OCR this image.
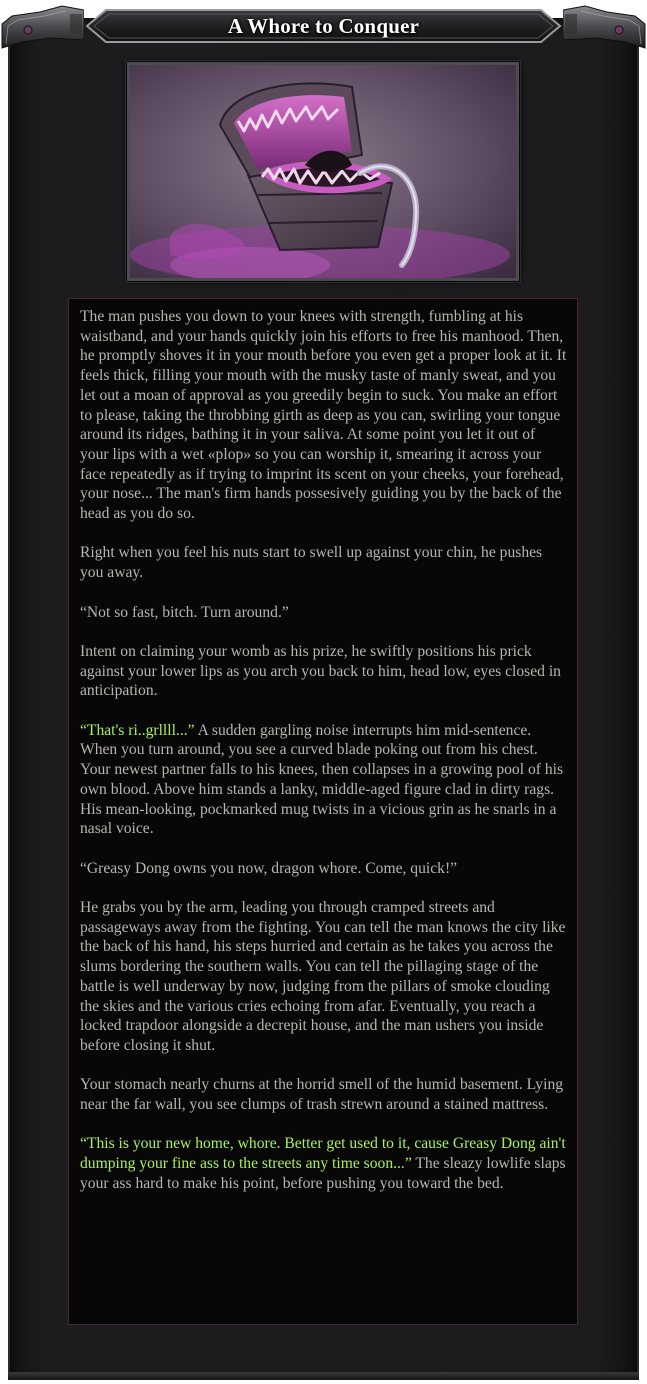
A Whore to Conquer

The man pushes you down to your knees with strength, fumbling at his waistband, and your hands quickly join his efforts to free his manhood. Then, he promptly shoves it in your mouth before you even get a proper look at it. It feels thick, filling your mouth with the musky taste of manly sweat, and you let out a moan of approval as you greedily begin to suck. You make an effort to please, taking the throbbing girth as deep as you can, swirling your tongue around its ridges, bathing it in your saliva. At some point you let it out of your lips with a wet «plop» so you can worship it, smearing it across your face repeatedly as if trying to imprint its scent on your cheeks, your forehead, your nose... The man's firm hands possesively guiding you by the back of the head as you do so.

Right when you feel his nuts start to swell up against your chin, he pushes you away.

“Not so fast, bitch. Turn around.”

Intent on claiming your womb as his prize, he swiftly positions his prick against your lower lips as you arch you back to him, head low, eyes closed in anticipation.

“That's ri..grllll...” A sudden gargling noise interrupts him mid-sentence. When you turn around, you see a curved blade poking out from his chest. Your newest partner falls to his knees, then collapses in a growing pool of his own blood. Above him stands a lanky, middle-aged figure clad in dirty rags. His mean-looking, pockmarked mug twists in a vicious grin as he snarls in a nasal voice.

“Greasy Dong owns you now, dragon whore. Come, quick!”

He grabs you by the arm, leading you through cramped streets and passageways away from the fighting. You can tell the man knows the city like the back of his hand, his steps hurried and certain as he takes you across the slums bordering the southern walls. You can tell the pillaging stage of the battle is well underway by now, judging from the pillars of smoke clouding the skies and the various cries echoing from afar. Eventually, you reach a locked trapdoor alongside a decrepit house, and the man ushers you inside before closing it shut.

Your stomach nearly churns at the horrid smell of the humid basement. Lying near the far wall, you see clumps of trash strewn around a stained mattress.

“This is your new home, whore. Better get used to it, cause Greasy Dong ain't dumping your fine ass to the streets any time soon...” The sleazy lowlife slaps your ass hard to make his point, before pushing you toward the bed.
